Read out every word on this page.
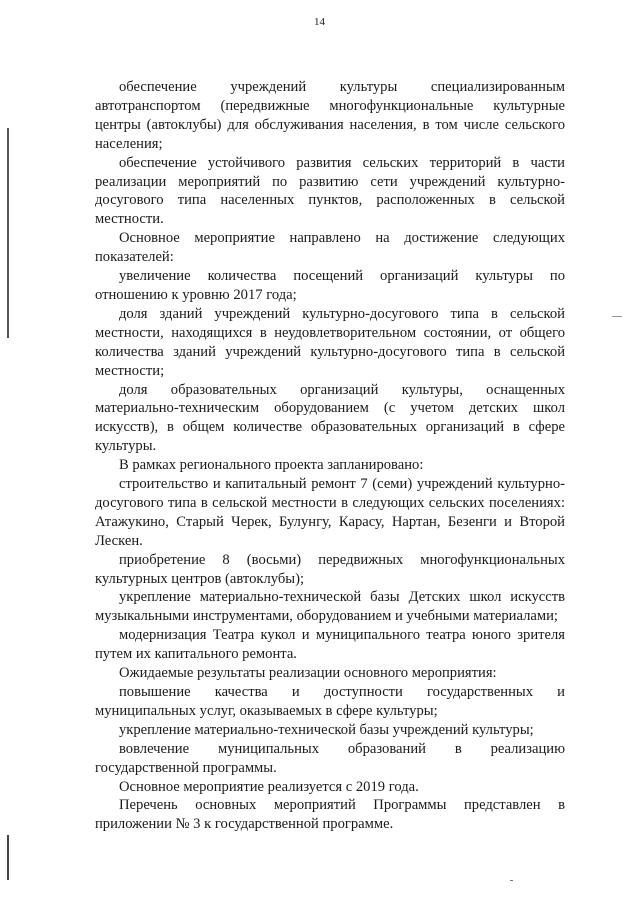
14

обеспечение учреждений культуры специализированным автотранспортом (передвижные многофункциональные культурные центры (автоклубы) для обслуживания населения, в том числе сельского населения;

обеспечение устойчивого развития сельских территорий в части реализации мероприятий по развитию сети учреждений культурно-досугового типа населенных пунктов, расположенных в сельской местности.

Основное мероприятие направлено на достижение следующих показателей:

увеличение количества посещений организаций культуры по отношению к уровню 2017 года;

доля зданий учреждений культурно-досугового типа в сельской местности, находящихся в неудовлетворительном состоянии, от общего количества зданий учреждений культурно-досугового типа в сельской местности;

доля образовательных организаций культуры, оснащенных материально-техническим оборудованием (с учетом детских школ искусств), в общем количестве образовательных организаций в сфере культуры.

В рамках регионального проекта запланировано:

строительство и капитальный ремонт 7 (семи) учреждений культурно-досугового типа в сельской местности в следующих сельских поселениях: Атажукино, Старый Черек, Булунгу, Карасу, Нартан, Безенги и Второй Лескен.

приобретение 8 (восьми) передвижных многофункциональных культурных центров (автоклубы);

укрепление материально-технической базы Детских школ искусств музыкальными инструментами, оборудованием и учебными материалами;

модернизация Театра кукол и муниципального театра юного зрителя путем их капитального ремонта.

Ожидаемые результаты реализации основного мероприятия:

повышение качества и доступности государственных и муниципальных услуг, оказываемых в сфере культуры;

укрепление материально-технической базы учреждений культуры;

вовлечение муниципальных образований в реализацию государственной программы.

Основное мероприятие реализуется с 2019 года.

Перечень основных мероприятий Программы представлен в приложении № 3 к государственной программе.
